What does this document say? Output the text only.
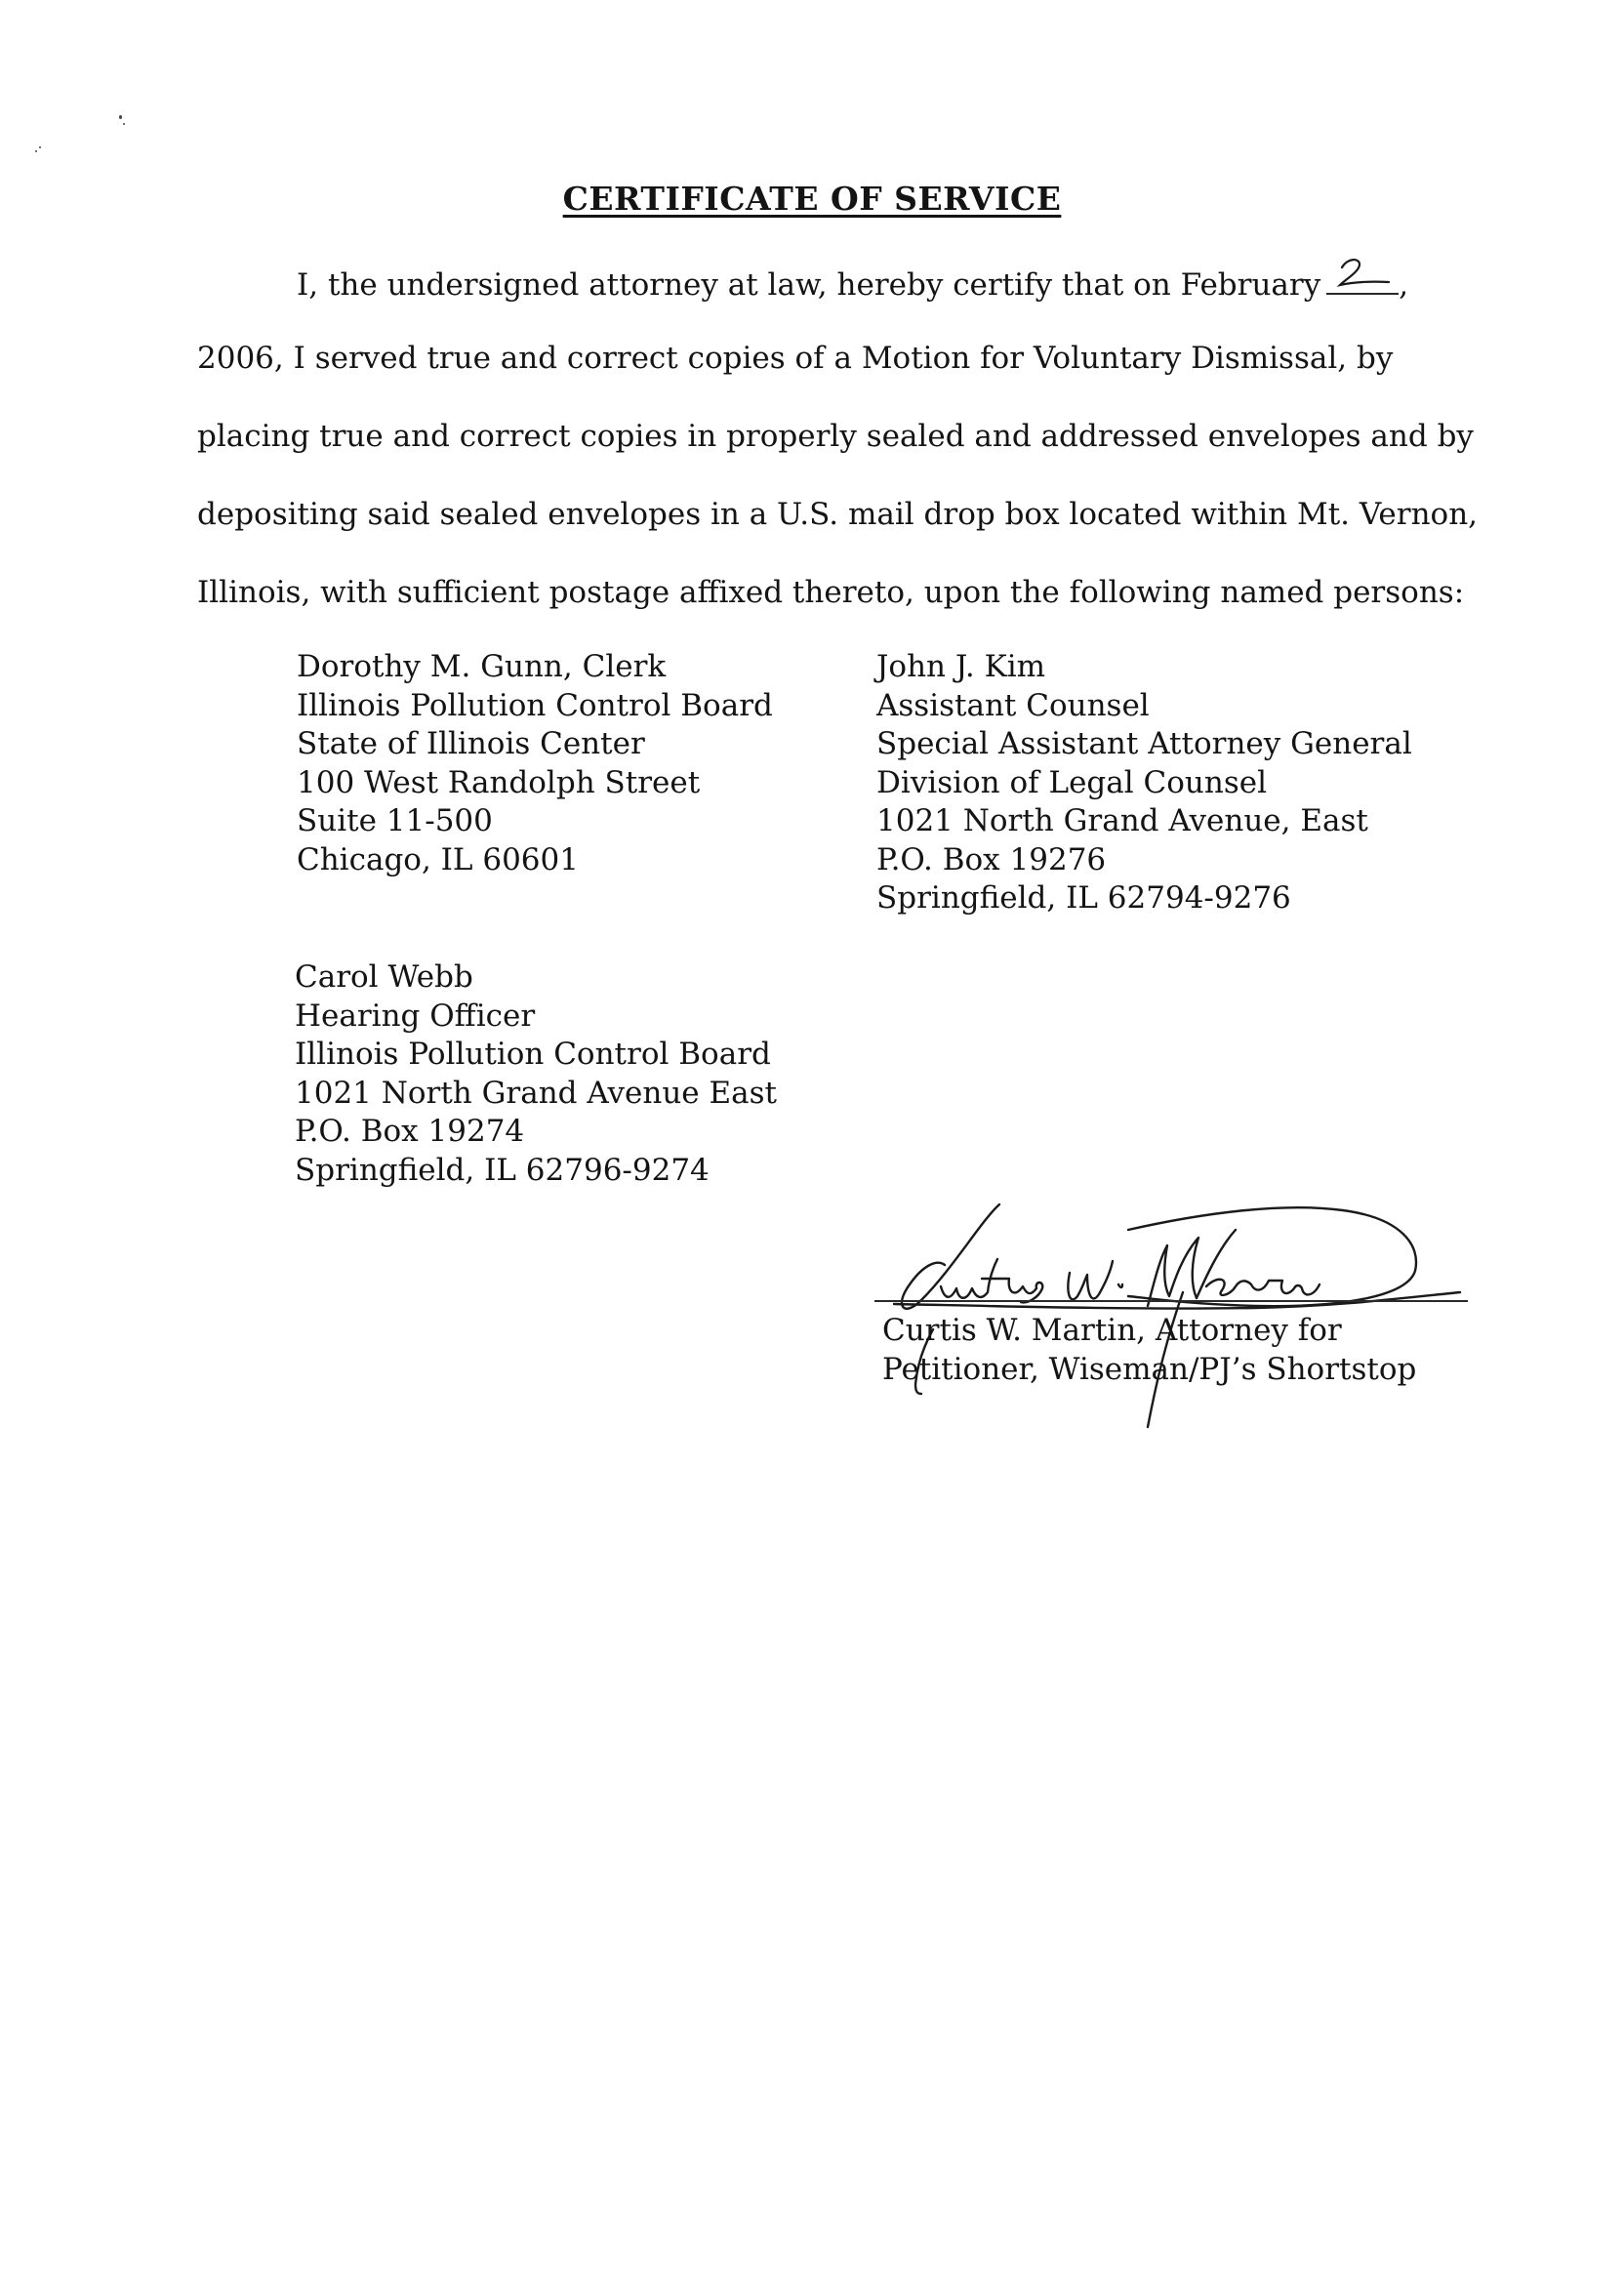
CERTIFICATE OF SERVICE
I, the undersigned attorney at law, hereby certify that on February	,
2006, I served true and correct copies of a Motion for Voluntary Dismissal, by
placing true and correct copies in properly sealed and addressed envelopes and by
depositing said sealed envelopes in a U.S. mail drop box located within Mt. Vernon,
Illinois, with sufficient postage affixed thereto, upon the following named persons:
Dorothy M. Gunn, Clerk
Illinois Pollution Control Board
State of Illinois Center
100 West Randolph Street
Suite 11-500
Chicago, IL 60601
John J. Kim
Assistant Counsel
Special Assistant Attorney General
Division of Legal Counsel
1021 North Grand Avenue, East
P.O. Box 19276
Springfield, IL 62794-9276
Carol Webb
Hearing Officer
Illinois Pollution Control Board
1021 North Grand Avenue East
P.O. Box 19274
Springfield, IL 62796-9274
Curtis W. Martin, Attorney for
Petitioner, Wiseman/PJ’s Shortstop
